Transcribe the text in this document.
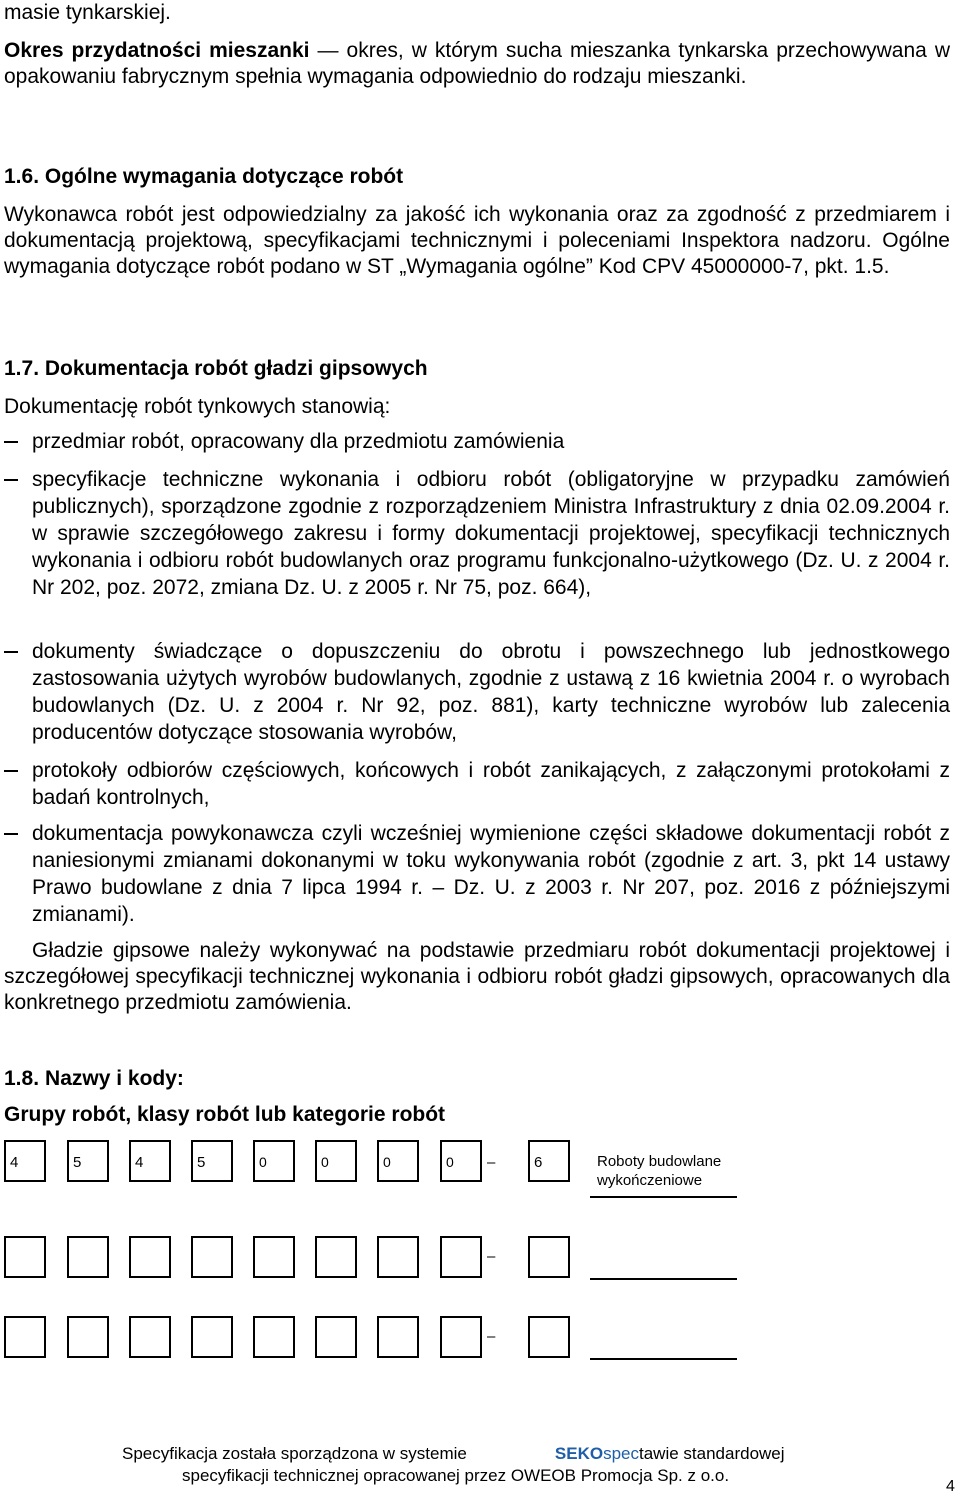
masie tynkarskiej.

Okres przydatności mieszanki — okres, w którym sucha mieszanka tynkarska przechowywana w opakowaniu fabrycznym spełnia wymagania odpowiednio do rodzaju mieszanki.

1.6. Ogólne wymagania dotyczące robót

Wykonawca robót jest odpowiedzialny za jakość ich wykonania oraz za zgodność z przedmiarem i dokumentacją projektową, specyfikacjami technicznymi i poleceniami Inspektora nadzoru. Ogólne wymagania dotyczące robót podano w ST „Wymagania ogólne” Kod CPV 45000000-7, pkt. 1.5.

1.7. Dokumentacja robót gładzi gipsowych

Dokumentację robót tynkowych stanowią:

przedmiar robót, opracowany dla przedmiotu zamówienia

specyfikacje techniczne wykonania i odbioru robót (obligatoryjne w przypadku zamówień publicznych), sporządzone zgodnie z rozporządzeniem Ministra Infrastruktury z dnia 02.09.2004 r. w sprawie szczegółowego zakresu i formy dokumentacji projektowej, specyfikacji technicznych wykonania i odbioru robót budowlanych oraz programu funkcjonalno-użytkowego (Dz. U. z 2004 r. Nr 202, poz. 2072, zmiana Dz. U. z 2005 r. Nr 75, poz. 664),

dokumenty świadczące o dopuszczeniu do obrotu i powszechnego lub jednostkowego zastosowania użytych wyrobów budowlanych, zgodnie z ustawą z 16 kwietnia 2004 r. o wyrobach budowlanych (Dz. U. z 2004 r. Nr 92, poz. 881), karty techniczne wyrobów lub zalecenia producentów dotyczące stosowania wyrobów,

protokoły odbiorów częściowych, końcowych i robót zanikających, z załączonymi protokołami z badań kontrolnych,

dokumentacja powykonawcza czyli wcześniej wymienione części składowe dokumentacji robót z naniesionymi zmianami dokonanymi w toku wykonywania robót (zgodnie z art. 3, pkt 14 ustawy Prawo budowlane z dnia 7 lipca 1994 r. – Dz. U. z 2003 r. Nr 207, poz. 2016 z późniejszymi zmianami).

Gładzie gipsowe należy wykonywać na podstawie przedmiaru robót dokumentacji projektowej i szczegółowej specyfikacji technicznej wykonania i odbioru robót gładzi gipsowych, opracowanych dla konkretnego przedmiotu zamówienia.

1.8. Nazwy i kody:

Grupy robót, klasy robót lub kategorie robót

4	5	4	5	0	0	0	0 –	6	Roboty budowlane wykończeniowe
–
–
Specyfikacja została sporządzona w systemie	SEKOspectawie standardowej
specyfikacji technicznej opracowanej przez OWEOB Promocja Sp. z o.o.
4
